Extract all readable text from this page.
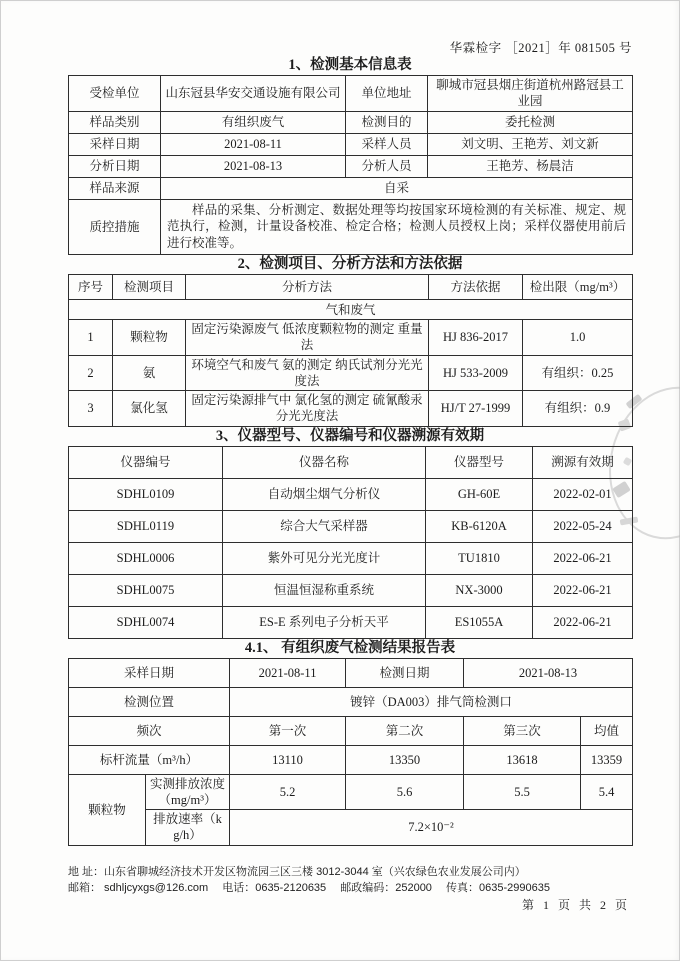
华霖检字 ［2021］年 081505 号
1、检测基本信息表
受检单位	山东冠县华安交通设施有限公司	单位地址	聊城市冠县烟庄街道杭州路冠县工业园
样品类别	有组织废气	检测目的	委托检测
采样日期	2021-08-11	采样人员	刘文明、王艳芳、刘文新
分析日期	2021-08-13	分析人员	王艳芳、杨晨洁
样品来源	自采		
质控措施	样品的采集、分析测定、数据处理等均按国家环境检测的有关标准、规定、规范执行，检测，计量设备校准、检定合格；检测人员授权上岗；采样仪器使用前后进行校准等。		
2、检测项目、分析方法和方法依据
序号	检测项目	分析方法	方法依据	检出限（mg/m³）
气和废气				
1	颗粒物	固定污染源废气 低浓度颗粒物的测定 重量法	HJ 836-2017	1.0
2	氨	环境空气和废气 氨的测定 纳氏试剂分光光度法	HJ 533-2009	有组织：0.25
3	氯化氢	固定污染源排气中 氯化氢的测定 硫氰酸汞分光光度法	HJ/T 27-1999	有组织：0.9
3、仪器型号、仪器编号和仪器溯源有效期
仪器编号	仪器名称	仪器型号	溯源有效期
SDHL0109	自动烟尘烟气分析仪	GH-60E	2022-02-01
SDHL0119	综合大气采样器	KB-6120A	2022-05-24
SDHL0006	紫外可见分光光度计	TU1810	2022-06-21
SDHL0075	恒温恒湿称重系统	NX-3000	2022-06-21
SDHL0074	ES-E 系列电子分析天平	ES1055A	2022-06-21
4.1、 有组织废气检测结果报告表
采样日期		2021-08-11	检测日期	2021-08-13	
检测位置		镀锌（DA003）排气筒检测口			
频次		第一次	第二次	第三次	均值
标杆流量（m³/h）		13110	13350	13618	13359
颗粒物	实测排放浓度（mg/m³）	5.2	5.6	5.5	5.4
	排放速率（kg/h）	7.2×10⁻²			
地 址：山东省聊城经济技术开发区物流园三区三楼 3012-3044 室（兴农绿色农业发展公司内）
邮箱： sdhljcyxgs@126.com　 电话：0635-2120635　 邮政编码：252000　 传真：0635-2990635
第 1 页 共 2 页
